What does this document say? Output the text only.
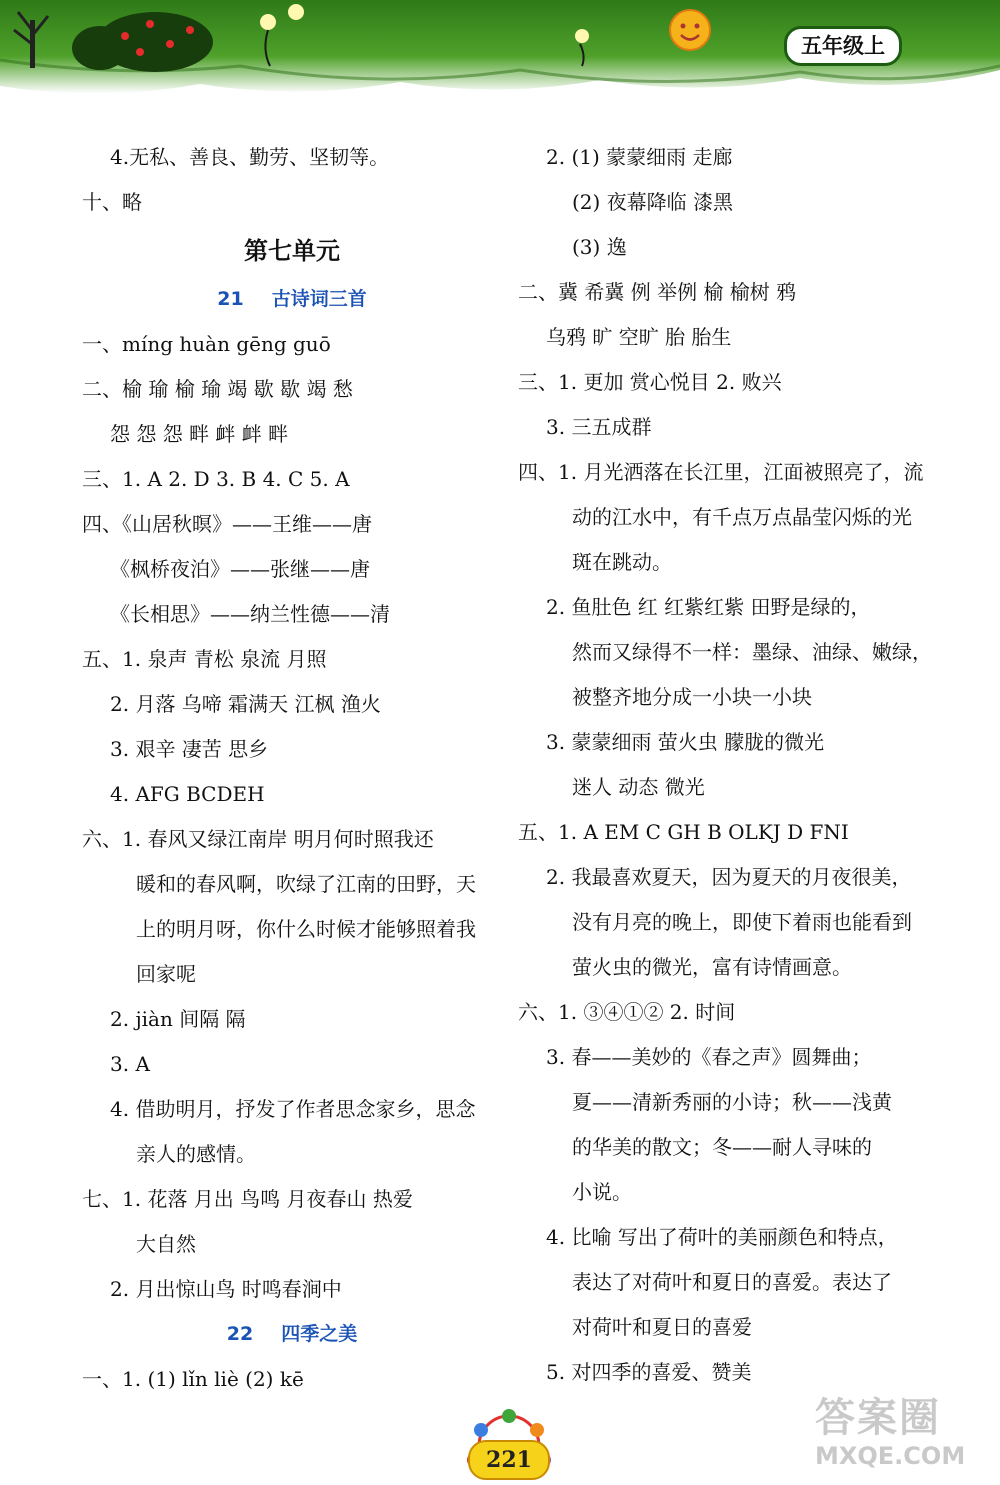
五年级上
4.无私、善良、勤劳、坚韧等。
十、略
第七单元
21 古诗词三首
一、míng huàn gēng guō
二、榆 瑜 榆 瑜 竭 歇 歇 竭 愁
怨 怨 怨 畔 衅 衅 畔
三、1. A 2. D 3. B 4. C 5. A
四、《山居秋暝》——王维——唐
《枫桥夜泊》——张继——唐
《长相思》——纳兰性德——清
五、1. 泉声 青松 泉流 月照
2. 月落 乌啼 霜满天 江枫 渔火
3. 艰辛 凄苦 思乡
4. AFG BCDEH
六、1. 春风又绿江南岸 明月何时照我还
暖和的春风啊，吹绿了江南的田野，天
上的明月呀，你什么时候才能够照着我
回家呢
2. jiàn 间隔 隔
3. A
4. 借助明月，抒发了作者思念家乡，思念
亲人的感情。
七、1. 花落 月出 鸟鸣 月夜春山 热爱
大自然
2. 月出惊山鸟 时鸣春涧中
22 四季之美
一、1. (1) lǐn liè (2) kē
2. (1) 蒙蒙细雨 走廊
(2) 夜幕降临 漆黑
(3) 逸
二、冀 希冀 例 举例 榆 榆树 鸦
乌鸦 旷 空旷 胎 胎生
三、1. 更加 赏心悦目 2. 败兴
3. 三五成群
四、1. 月光洒落在长江里，江面被照亮了，流
动的江水中，有千点万点晶莹闪烁的光
斑在跳动。
2. 鱼肚色 红 红紫红紫 田野是绿的，
然而又绿得不一样：墨绿、油绿、嫩绿，
被整齐地分成一小块一小块
3. 蒙蒙细雨 萤火虫 朦胧的微光
迷人 动态 微光
五、1. A EM C GH B OLKJ D FNI
2. 我最喜欢夏天，因为夏天的月夜很美，
没有月亮的晚上，即使下着雨也能看到
萤火虫的微光，富有诗情画意。
六、1. ③④①② 2. 时间
3. 春——美妙的《春之声》圆舞曲；
夏——清新秀丽的小诗；秋——浅黄
的华美的散文；冬——耐人寻味的
小说。
4. 比喻 写出了荷叶的美丽颜色和特点，
表达了对荷叶和夏日的喜爱。表达了
对荷叶和夏日的喜爱
5. 对四季的喜爱、赞美
221
答案圈
MXQE.COM
